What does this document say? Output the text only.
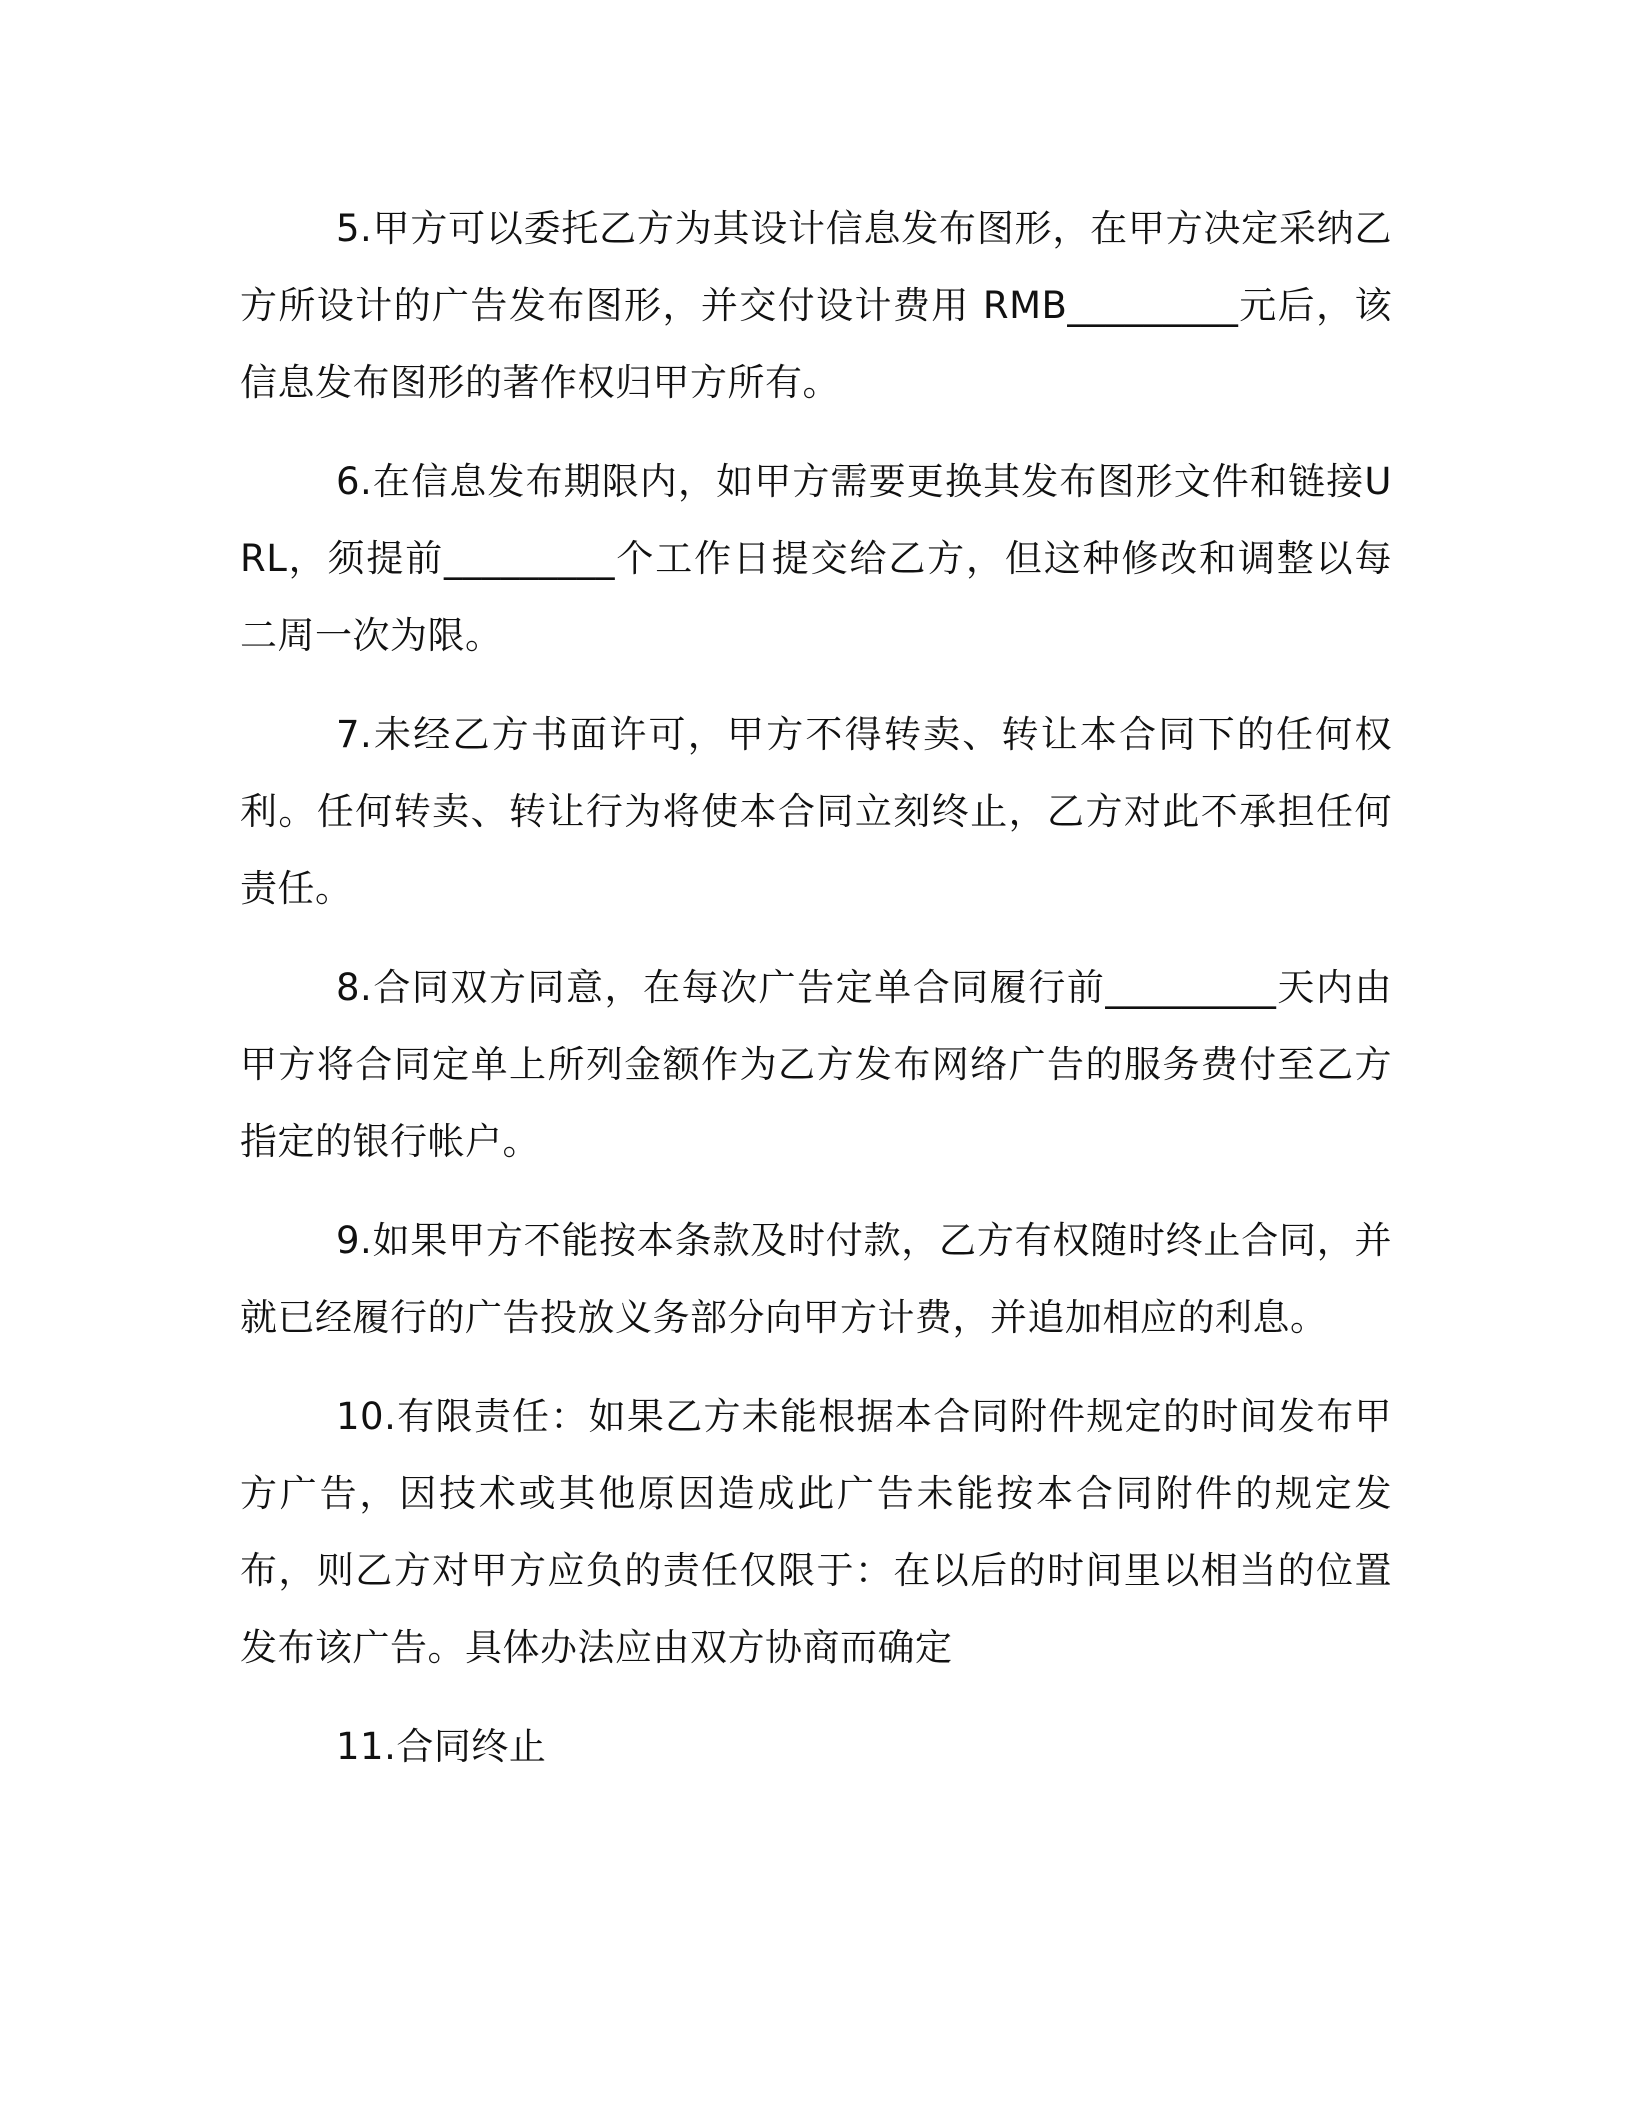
5.甲方可以委托乙方为其设计信息发布图形，在甲方决定采纳乙方所设计的广告发布图形，并交付设计费用 RMB_________元后，该信息发布图形的著作权归甲方所有。

6.在信息发布期限内，如甲方需要更换其发布图形文件和链接URL，须提前_________个工作日提交给乙方，但这种修改和调整以每二周一次为限。

7.未经乙方书面许可，甲方不得转卖、转让本合同下的任何权利。任何转卖、转让行为将使本合同立刻终止，乙方对此不承担任何责任。

8.合同双方同意，在每次广告定单合同履行前_________天内由甲方将合同定单上所列金额作为乙方发布网络广告的服务费付至乙方指定的银行帐户。

9.如果甲方不能按本条款及时付款，乙方有权随时终止合同，并就已经履行的广告投放义务部分向甲方计费，并追加相应的利息。

10.有限责任：如果乙方未能根据本合同附件规定的时间发布甲方广告，因技术或其他原因造成此广告未能按本合同附件的规定发布，则乙方对甲方应负的责任仅限于：在以后的时间里以相当的位置发布该广告。具体办法应由双方协商而确定

11.合同终止
